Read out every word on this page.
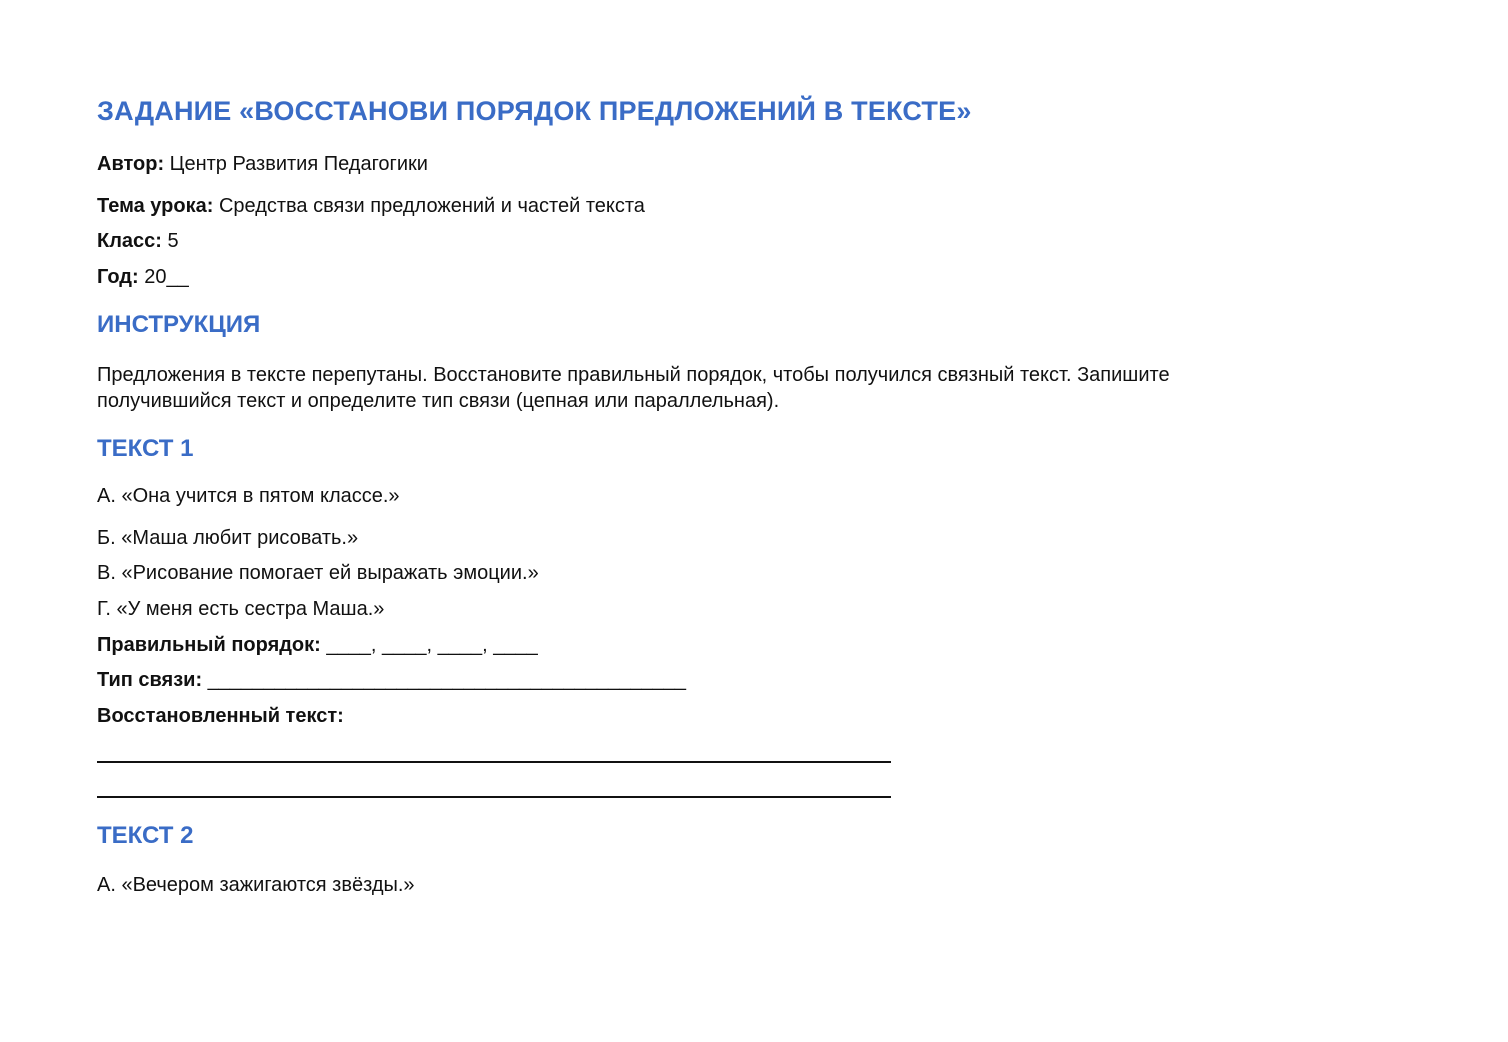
ЗАДАНИЕ «ВОССТАНОВИ ПОРЯДОК ПРЕДЛОЖЕНИЙ В ТЕКСТЕ»
Автор: Центр Развития Педагогики
Тема урока: Средства связи предложений и частей текста
Класс: 5
Год: 20__
ИНСТРУКЦИЯ
Предложения в тексте перепутаны. Восстановите правильный порядок, чтобы получился связный текст. Запишите
получившийся текст и определите тип связи (цепная или параллельная).
ТЕКСТ 1
А. «Она учится в пятом классе.»
Б. «Маша любит рисовать.»
В. «Рисование помогает ей выражать эмоции.»
Г. «У меня есть сестра Маша.»
Правильный порядок: ____, ____, ____, ____
Тип связи: ___________________________________________
Восстановленный текст:
ТЕКСТ 2
А. «Вечером зажигаются звёзды.»
